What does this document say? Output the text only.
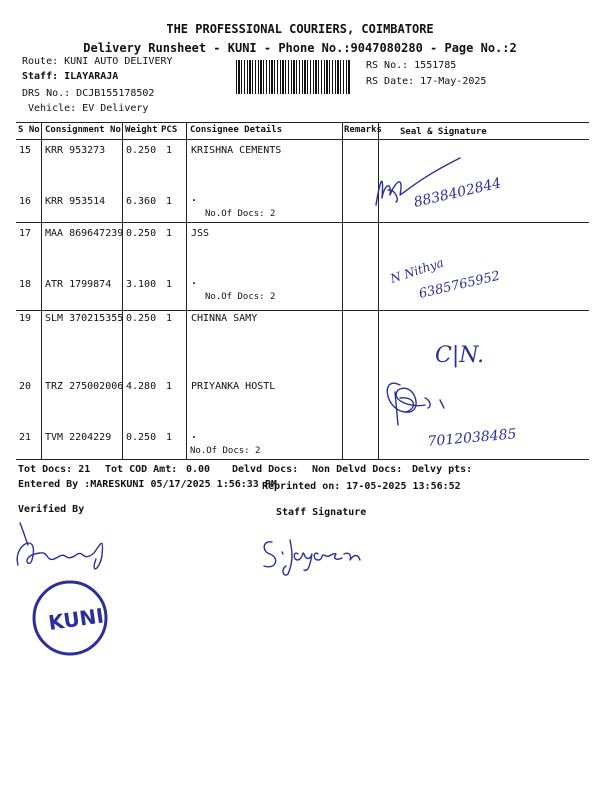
THE PROFESSIONAL COURIERS, COIMBATORE
Delivery Runsheet - KUNI - Phone No.:9047080280 - Page No.:2
Route: KUNI AUTO DELIVERY
Staff: ILAYARAJA
DRS No.: DCJB155178502
Vehicle: EV Delivery
RS No.: 1551785
RS Date: 17-May-2025
S No Consignment No Weight PCS Consignee Details	Remarks Seal & Signature
15 KRR 953273 0.250 1 KRISHNA CEMENTS
16 KRR 953514 6.360 1 .
No.Of Docs: 2
17 MAA 869647239 0.250 1 JSS
18 ATR 1799874 3.100 1 .
No.Of Docs: 2
19 SLM 370215355 0.250 1 CHINNA SAMY
20 TRZ 275002006 4.280 1 PRIYANKA HOSTL
21 TVM 2204229 0.250 1 .
No.Of Docs: 2
8838402844
N Nithya
6385765952
C|N.
7012038485
Tot Docs: 21 Tot COD Amt: 0.00 Delvd Docs: Non Delvd Docs: Delvy pts:
Entered By :MARESKUNI 05/17/2025 1:56:33 PM
Reprinted on: 17-05-2025 13:56:52
Verified By	Staff Signature
KUNI
